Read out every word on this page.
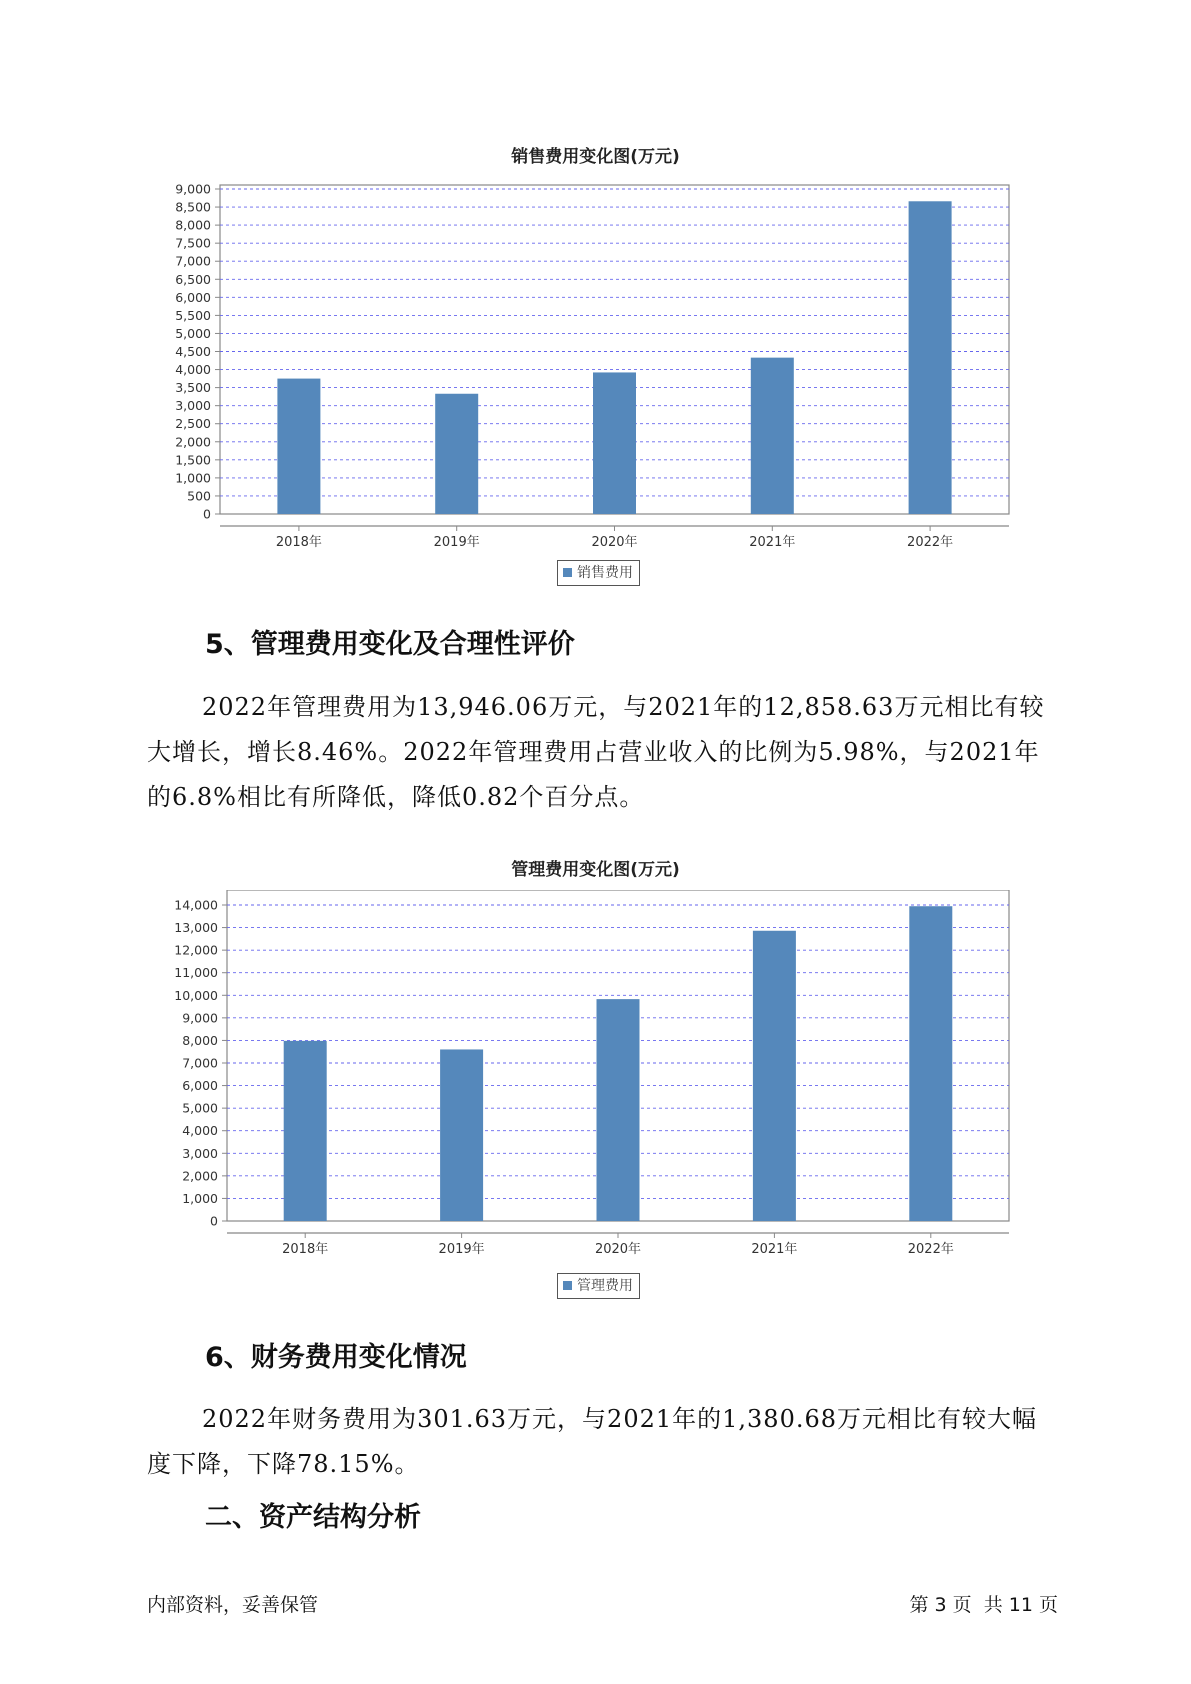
销售费用变化图(万元)
0
500
1,000
1,500
2,000
2,500
3,000
3,500
4,000
4,500
5,000
5,500
6,000
6,500
7,000
7,500
8,000
8,500
9,000
2018年	2019年	2020年	2021年	2022年
销售费用
5、管理费用变化及合理性评价

2022年管理费用为13,946.06万元，与2021年的12,858.63万元相比有较大增长，增长8.46%。2022年管理费用占营业收入的比例为5.98%，与2021年的6.8%相比有所降低，降低0.82个百分点。

管理费用变化图(万元)
0
1,000
2,000
3,000
4,000
5,000
6,000
7,000
8,000
9,000
10,000
11,000
12,000
13,000
14,000
2018年	2019年	2020年	2021年	2022年
管理费用
6、财务费用变化情况

2022年财务费用为301.63万元，与2021年的1,380.68万元相比有较大幅度下降，下降78.15%。

二、资产结构分析
内部资料，妥善保管	第 3 页  共 11 页
